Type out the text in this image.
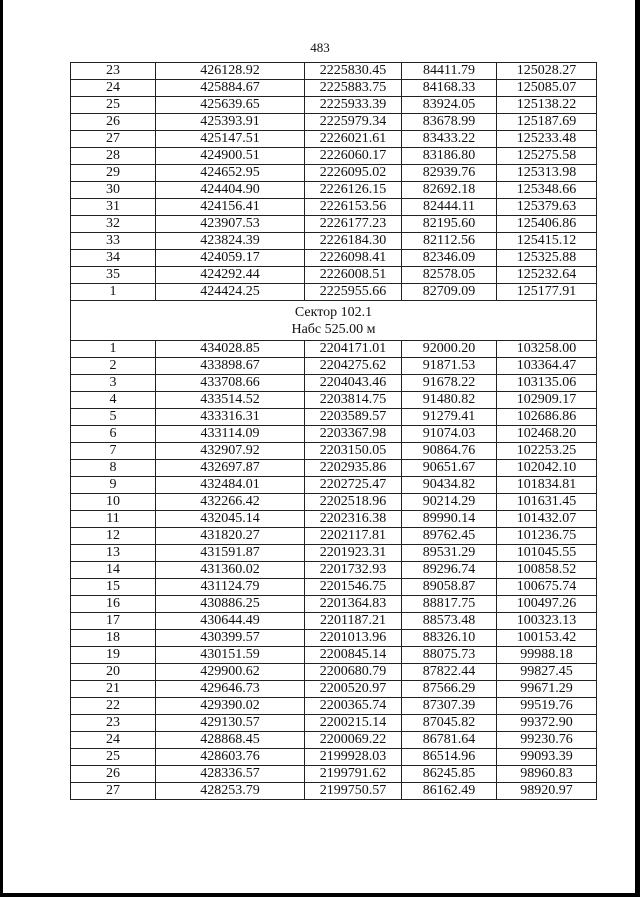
483
23	426128.92	2225830.45	84411.79	125028.27
24	425884.67	2225883.75	84168.33	125085.07
25	425639.65	2225933.39	83924.05	125138.22
26	425393.91	2225979.34	83678.99	125187.69
27	425147.51	2226021.61	83433.22	125233.48
28	424900.51	2226060.17	83186.80	125275.58
29	424652.95	2226095.02	82939.76	125313.98
30	424404.90	2226126.15	82692.18	125348.66
31	424156.41	2226153.56	82444.11	125379.63
32	423907.53	2226177.23	82195.60	125406.86
33	423824.39	2226184.30	82112.56	125415.12
34	424059.17	2226098.41	82346.09	125325.88
35	424292.44	2226008.51	82578.05	125232.64
1	424424.25	2225955.66	82709.09	125177.91

Сектор 102.1
Набс 525.00 м				

1	434028.85	2204171.01	92000.20	103258.00
2	433898.67	2204275.62	91871.53	103364.47
3	433708.66	2204043.46	91678.22	103135.06
4	433514.52	2203814.75	91480.82	102909.17
5	433316.31	2203589.57	91279.41	102686.86
6	433114.09	2203367.98	91074.03	102468.20
7	432907.92	2203150.05	90864.76	102253.25
8	432697.87	2202935.86	90651.67	102042.10
9	432484.01	2202725.47	90434.82	101834.81
10	432266.42	2202518.96	90214.29	101631.45
11	432045.14	2202316.38	89990.14	101432.07
12	431820.27	2202117.81	89762.45	101236.75
13	431591.87	2201923.31	89531.29	101045.55
14	431360.02	2201732.93	89296.74	100858.52
15	431124.79	2201546.75	89058.87	100675.74
16	430886.25	2201364.83	88817.75	100497.26
17	430644.49	2201187.21	88573.48	100323.13
18	430399.57	2201013.96	88326.10	100153.42
19	430151.59	2200845.14	88075.73	99988.18
20	429900.62	2200680.79	87822.44	99827.45
21	429646.73	2200520.97	87566.29	99671.29
22	429390.02	2200365.74	87307.39	99519.76
23	429130.57	2200215.14	87045.82	99372.90
24	428868.45	2200069.22	86781.64	99230.76
25	428603.76	2199928.03	86514.96	99093.39
26	428336.57	2199791.62	86245.85	98960.83
27	428253.79	2199750.57	86162.49	98920.97
